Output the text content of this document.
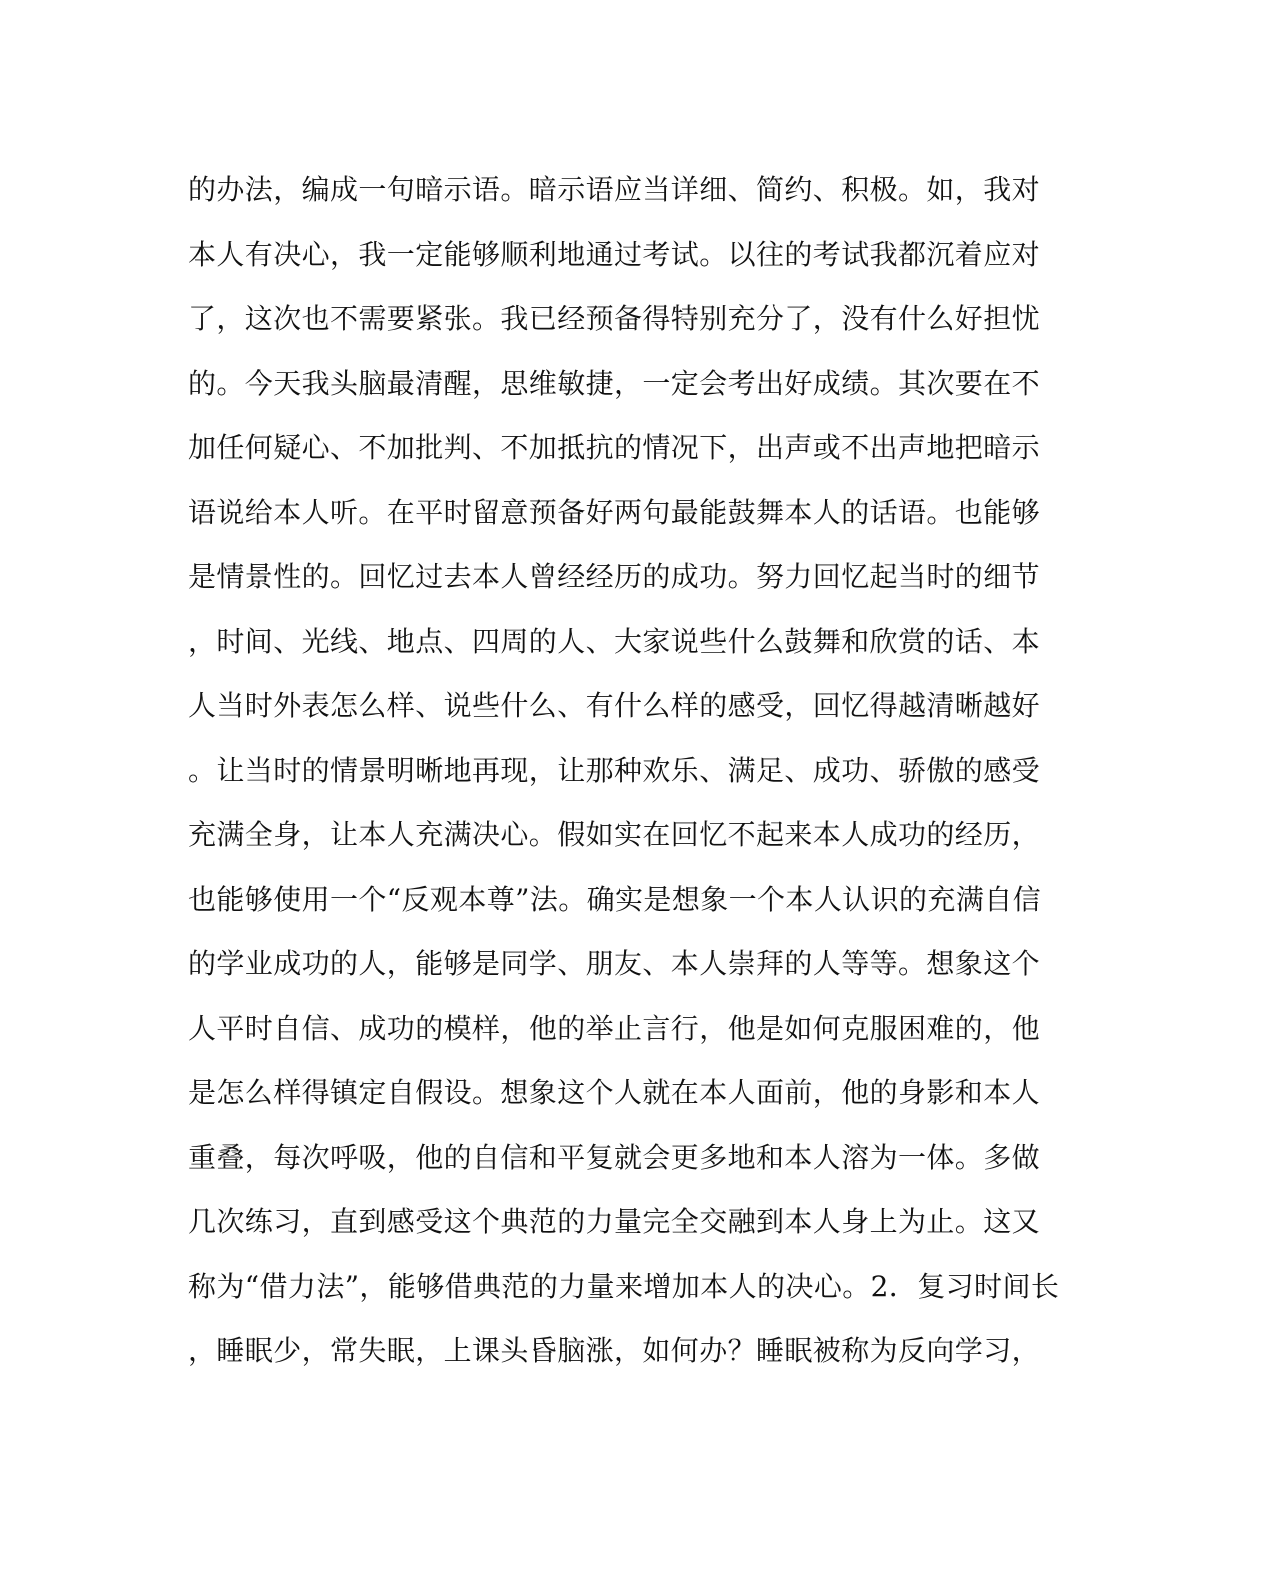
的办法，编成一句暗示语。暗示语应当详细、简约、积极。如，我对
本人有决心，我一定能够顺利地通过考试。以往的考试我都沉着应对
了，这次也不需要紧张。我已经预备得特别充分了，没有什么好担忧
的。今天我头脑最清醒，思维敏捷，一定会考出好成绩。其次要在不
加任何疑心、不加批判、不加抵抗的情况下，出声或不出声地把暗示
语说给本人听。在平时留意预备好两句最能鼓舞本人的话语。也能够
是情景性的。回忆过去本人曾经经历的成功。努力回忆起当时的细节
，时间、光线、地点、四周的人、大家说些什么鼓舞和欣赏的话、本
人当时外表怎么样、说些什么、有什么样的感受，回忆得越清晰越好
。让当时的情景明晰地再现，让那种欢乐、满足、成功、骄傲的感受
充满全身，让本人充满决心。假如实在回忆不起来本人成功的经历，
也能够使用一个“反观本尊”法。确实是想象一个本人认识的充满自信
的学业成功的人，能够是同学、朋友、本人崇拜的人等等。想象这个
人平时自信、成功的模样，他的举止言行，他是如何克服困难的，他
是怎么样得镇定自假设。想象这个人就在本人面前，他的身影和本人
重叠，每次呼吸，他的自信和平复就会更多地和本人溶为一体。多做
几次练习，直到感受这个典范的力量完全交融到本人身上为止。这又
称为“借力法”，能够借典范的力量来增加本人的决心。2．复习时间长
，睡眠少，常失眠，上课头昏脑涨，如何办？睡眠被称为反向学习，
